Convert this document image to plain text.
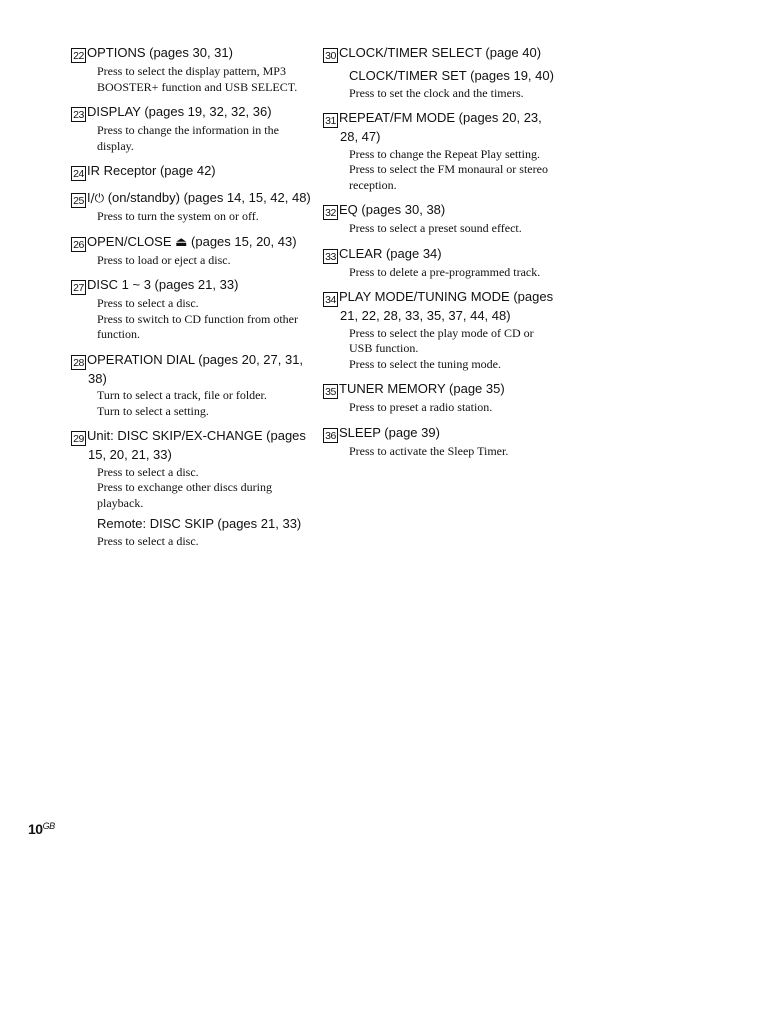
22 OPTIONS (pages 30, 31)

Press to select the display pattern, MP3 BOOSTER+ function and USB SELECT.

23 DISPLAY (pages 19, 32, 32, 36)

Press to change the information in the display.

24 IR Receptor (page 42)
25 I/⏻ (on/standby) (pages 14, 15, 42, 48)

Press to turn the system on or off.

26 OPEN/CLOSE ⏏ (pages 15, 20, 43)

Press to load or eject a disc.

27 DISC 1 ~ 3 (pages 21, 33)

Press to select a disc.

Press to switch to CD function from other function.

28 OPERATION DIAL (pages 20, 27, 31, 38)

Turn to select a track, file or folder.

Turn to select a setting.

29 Unit: DISC SKIP/EX-CHANGE (pages 15, 20, 21, 33)

Press to select a disc.

Press to exchange other discs during playback.

Remote: DISC SKIP (pages 21, 33)

Press to select a disc.

30 CLOCK/TIMER SELECT (page 40)
CLOCK/TIMER SET (pages 19, 40)

Press to set the clock and the timers.

31 REPEAT/FM MODE (pages 20, 23, 28, 47)

Press to change the Repeat Play setting.

Press to select the FM monaural or stereo reception.

32 EQ (pages 30, 38)

Press to select a preset sound effect.

33 CLEAR (page 34)

Press to delete a pre-programmed track.

34 PLAY MODE/TUNING MODE (pages 21, 22, 28, 33, 35, 37, 44, 48)

Press to select the play mode of CD or USB function.

Press to select the tuning mode.

35 TUNER MEMORY (page 35)

Press to preset a radio station.

36 SLEEP (page 39)

Press to activate the Sleep Timer.

$10^{GB}$
